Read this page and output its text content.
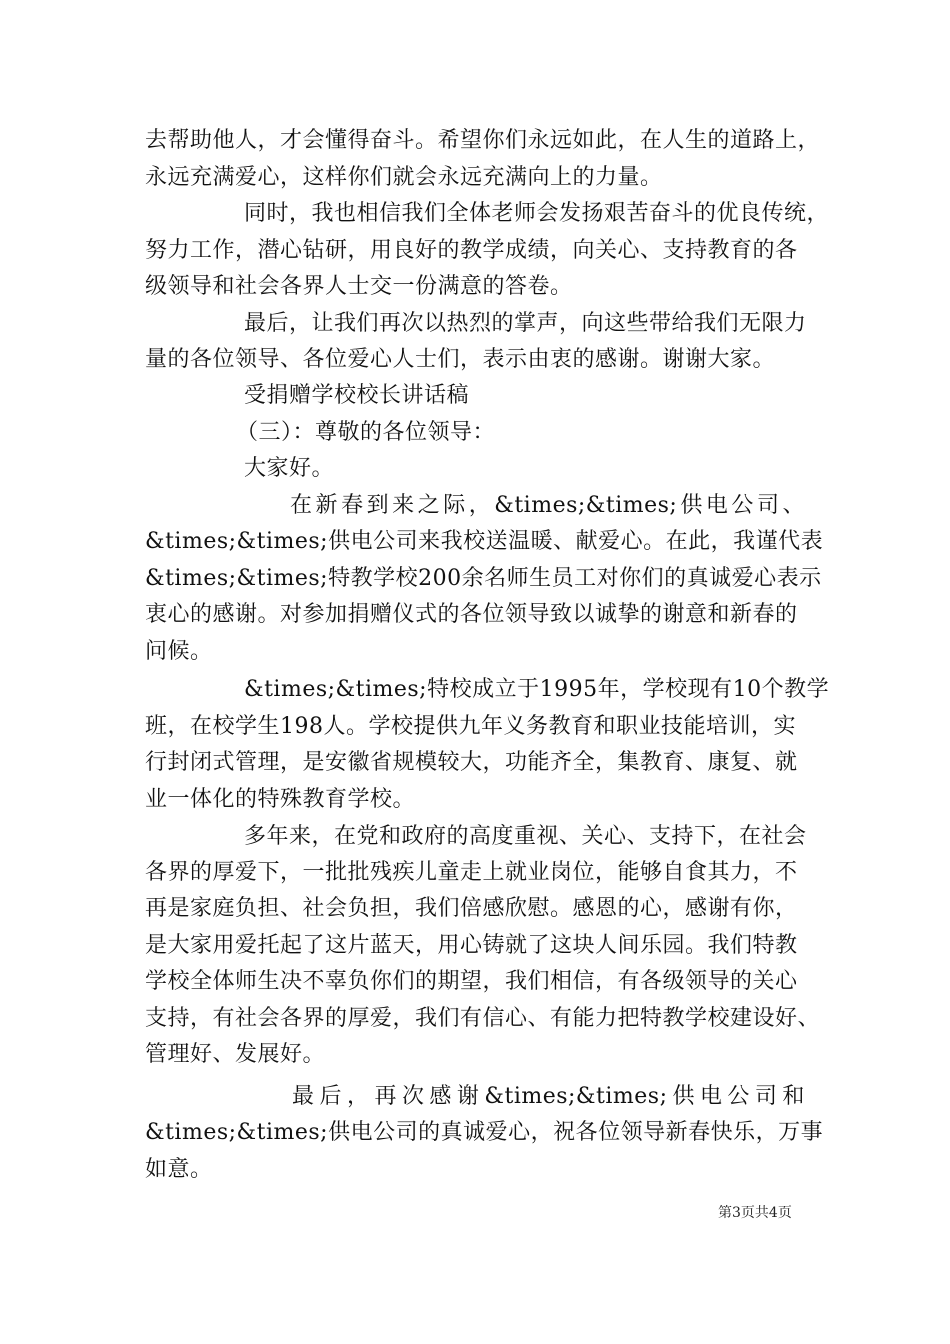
去帮助他人，才会懂得奋斗。希望你们永远如此，在人生的道路上，
永远充满爱心，这样你们就会永远充满向上的力量。
同时，我也相信我们全体老师会发扬艰苦奋斗的优良传统，
努力工作，潜心钻研，用良好的教学成绩，向关心、支持教育的各
级领导和社会各界人士交一份满意的答卷。
最后，让我们再次以热烈的掌声，向这些带给我们无限力
量的各位领导、各位爱心人士们，表示由衷的感谢。谢谢大家。
受捐赠学校校长讲话稿
（三）：尊敬的各位领导：
大家好。
在 新 春 到 来 之 际 ， &times;&times; 供 电 公 司 、
&times;&times;供电公司来我校送温暖、献爱心。在此，我谨代表
&times;&times;特教学校200余名师生员工对你们的真诚爱心表示
衷心的感谢。对参加捐赠仪式的各位领导致以诚挚的谢意和新春的
问候。
&times;&times;特校成立于1995年，学校现有10个教学
班，在校学生198人。学校提供九年义务教育和职业技能培训，实
行封闭式管理，是安徽省规模较大，功能齐全，集教育、康复、就
业一体化的特殊教育学校。
多年来，在党和政府的高度重视、关心、支持下，在社会
各界的厚爱下，一批批残疾儿童走上就业岗位，能够自食其力，不
再是家庭负担、社会负担，我们倍感欣慰。感恩的心，感谢有你，
是大家用爱托起了这片蓝天，用心铸就了这块人间乐园。我们特教
学校全体师生决不辜负你们的期望，我们相信，有各级领导的关心
支持，有社会各界的厚爱，我们有信心、有能力把特教学校建设好、
管理好、发展好。
最 后 ， 再 次 感 谢 &times;&times; 供 电 公 司 和
&times;&times;供电公司的真诚爱心，祝各位领导新春快乐，万事
如意。
第3页共4页
